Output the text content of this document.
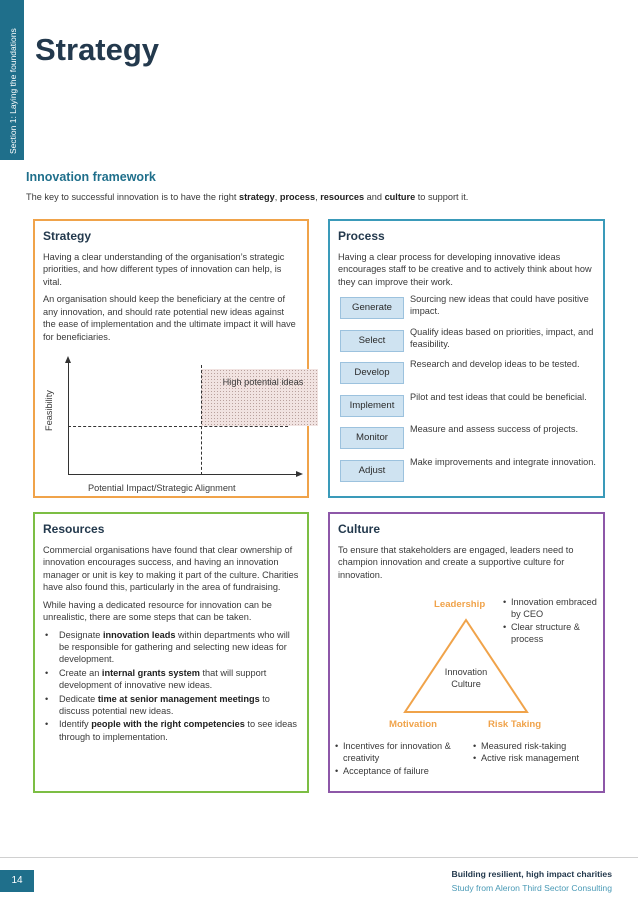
Section 1: Laying the foundations Strategy
Innovation framework
The key to successful innovation is to have the right strategy, process, resources and culture to support it.
Strategy

Having a clear understanding of the organisation’s strategic priorities, and how different types of innovation can help, is vital.

An organisation should keep the beneficiary at the centre of any innovation, and should rate potential new ideas against the ease of implementation and the ultimate impact it will have for beneficiaries.

High potential ideas
Feasibility
Potential Impact/Strategic Alignment
Process

Having a clear process for developing innovative ideas encourages staff to be creative and to actively think about how they can improve their work.

Generate
Sourcing new ideas that could have positive impact.
Select
Qualify ideas based on priorities, impact, and feasibility.
Develop
Research and develop ideas to be tested.
Implement
Pilot and test ideas that could be beneficial.
Monitor
Measure and assess success of projects.
Adjust
Make improvements and integrate innovation.
Resources

Commercial organisations have found that clear ownership of innovation encourages success, and having an innovation manager or unit is key to making it part of the culture. Charities have also found this, particularly in the area of fundraising.

While having a dedicated resource for innovation can be unrealistic, there are some steps that can be taken.

• Designate innovation leads within departments who will be responsible for gathering and selecting new ideas for development.
• Create an internal grants system that will support development of innovative new ideas.
• Dedicate time at senior management meetings to discuss potential new ideas.
• Identify people with the right competencies to see ideas through to implementation.
Culture

To ensure that stakeholders are engaged, leaders need to champion innovation and create a supportive culture for innovation.

Leadership
•	Innovation embraced by CEO
• Clear structure & process
Innovation Culture
Motivation	Risk Taking
• Incentives for innovation & creativity
• Acceptance of failure
• Measured risk-taking
• Active risk management
14
Building resilient, high impact charities
Study from Aleron Third Sector Consulting
